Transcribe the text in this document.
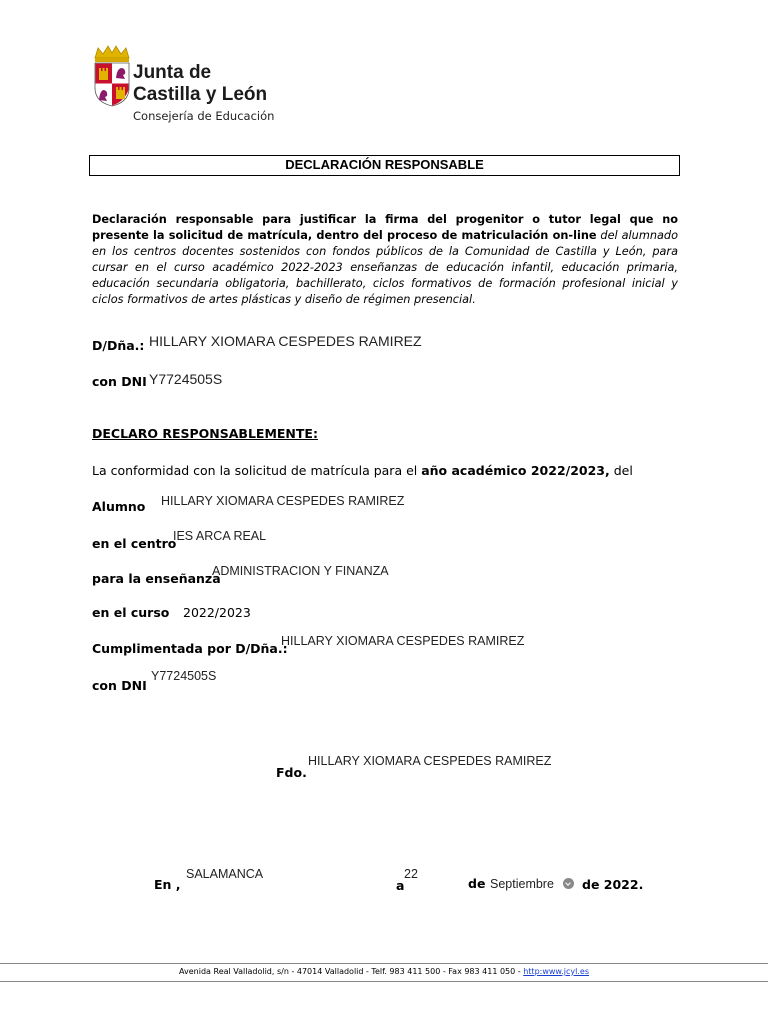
Junta de
Castilla y León
Consejería de Educación
DECLARACIÓN RESPONSABLE
Declaración responsable para justificar la firma del progenitor o tutor legal que no presente la solicitud de matrícula, dentro del proceso de matriculación on-line del alumnado en los centros docentes sostenidos con fondos públicos de la Comunidad de Castilla y León, para cursar en el curso académico 2022-2023 enseñanzas de educación infantil, educación primaria, educación secundaria obligatoria, bachillerato, ciclos formativos de formación profesional inicial y ciclos formativos de artes plásticas y diseño de régimen presencial.
D/Dña.: HILLARY XIOMARA CESPEDES RAMIREZ
con DNI Y7724505S
DECLARO RESPONSABLEMENTE:
La conformidad con la solicitud de matrícula para el año académico 2022/2023, del
Alumno HILLARY XIOMARA CESPEDES RAMIREZ
en el centro
IES ARCA REAL
para la enseñanza
ADMINISTRACION Y FINANZA
en el curso 2022/2023
Cumplimentada por D/Dña.:
HILLARY XIOMARA CESPEDES RAMIREZ
con DNI
Y7724505S
Fdo.
HILLARY XIOMARA CESPEDES RAMIREZ
En ,
SALAMANCA
a
22
de Septiembre	de 2022.
Avenida Real Valladolid, s/n - 47014 Valladolid - Telf. 983 411 500 - Fax 983 411 050 - http:www.jcyl.es
